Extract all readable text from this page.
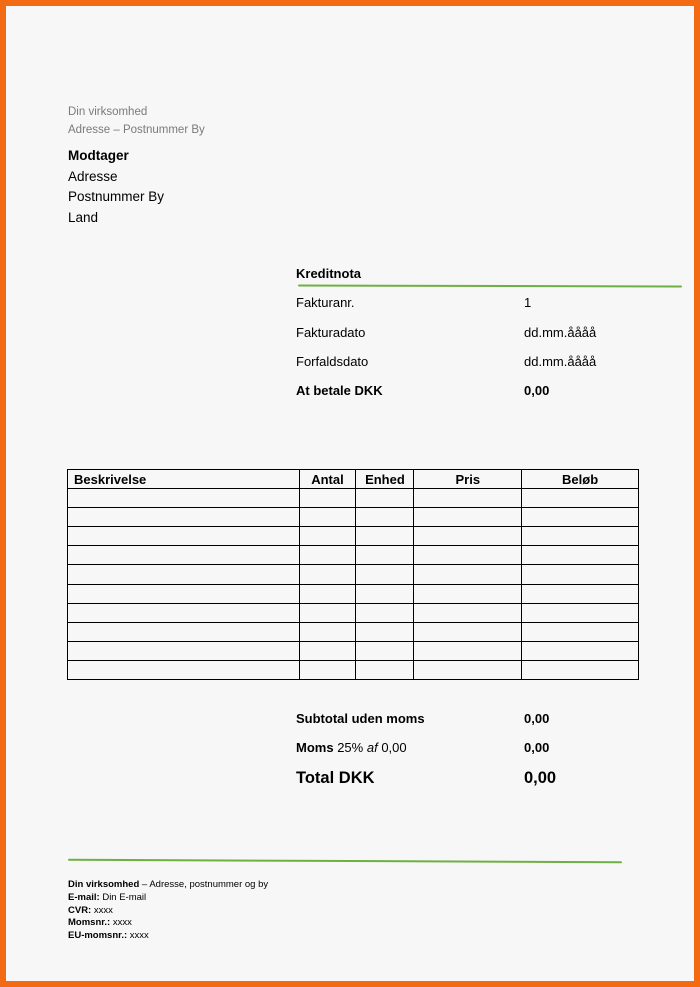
Din virksomhed
Adresse – Postnummer By
Modtager
Adresse
Postnummer By
Land
Kreditnota
Fakturanr.	1
Fakturadato	dd.mm.åååå
Forfaldsdato	dd.mm.åååå
At betale DKK	0,00
Beskrivelse	Antal	Enhed	Pris	Beløb

Subtotal uden moms	0,00
Moms 25% af 0,00	0,00
Total DKK	0,00
Din virksomhed – Adresse, postnummer og by
E-mail: Din E-mail
CVR: xxxx
Momsnr.: xxxx
EU-momsnr.: xxxx
